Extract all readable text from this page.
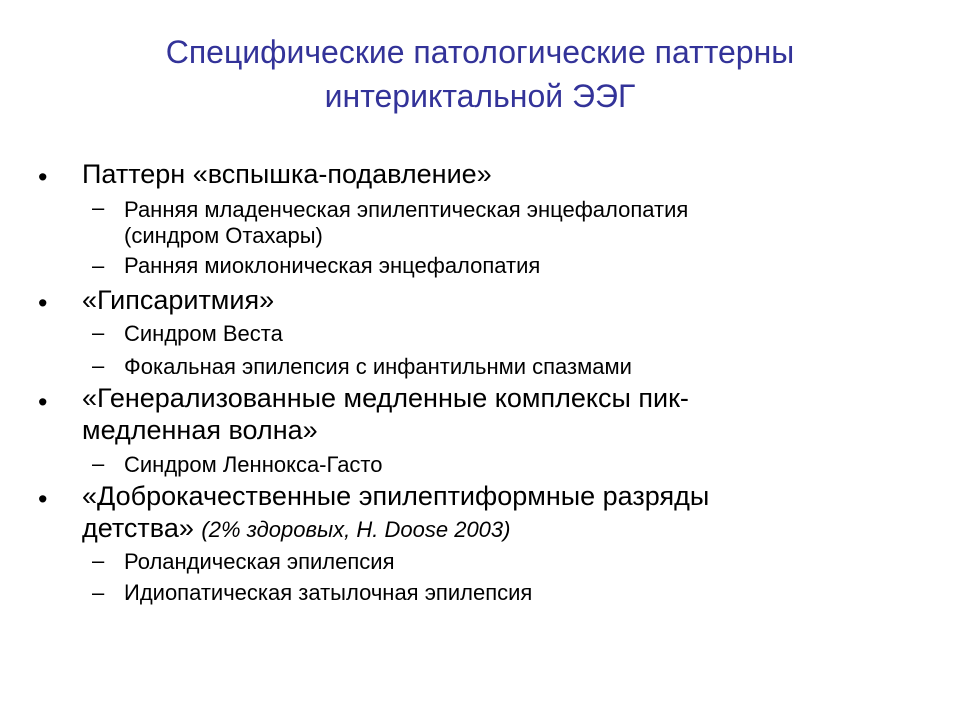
Специфические патологические паттерны
интериктальной ЭЭГ
• Паттерн «вспышка-подавление»
– Ранняя младенческая эпилептическая энцефалопатия
(синдром Отахары)
– Ранняя миоклоническая энцефалопатия
• «Гипсаритмия»
– Синдром Веста
– Фокальная эпилепсия с инфантильнми спазмами
• «Генерализованные медленные комплексы пик-
медленная волна»
– Синдром Леннокса-Гасто
• «Доброкачественные эпилептиформные разряды
детства» (2% здоровых, H. Doose 2003)
– Роландическая эпилепсия
– Идиопатическая затылочная эпилепсия
